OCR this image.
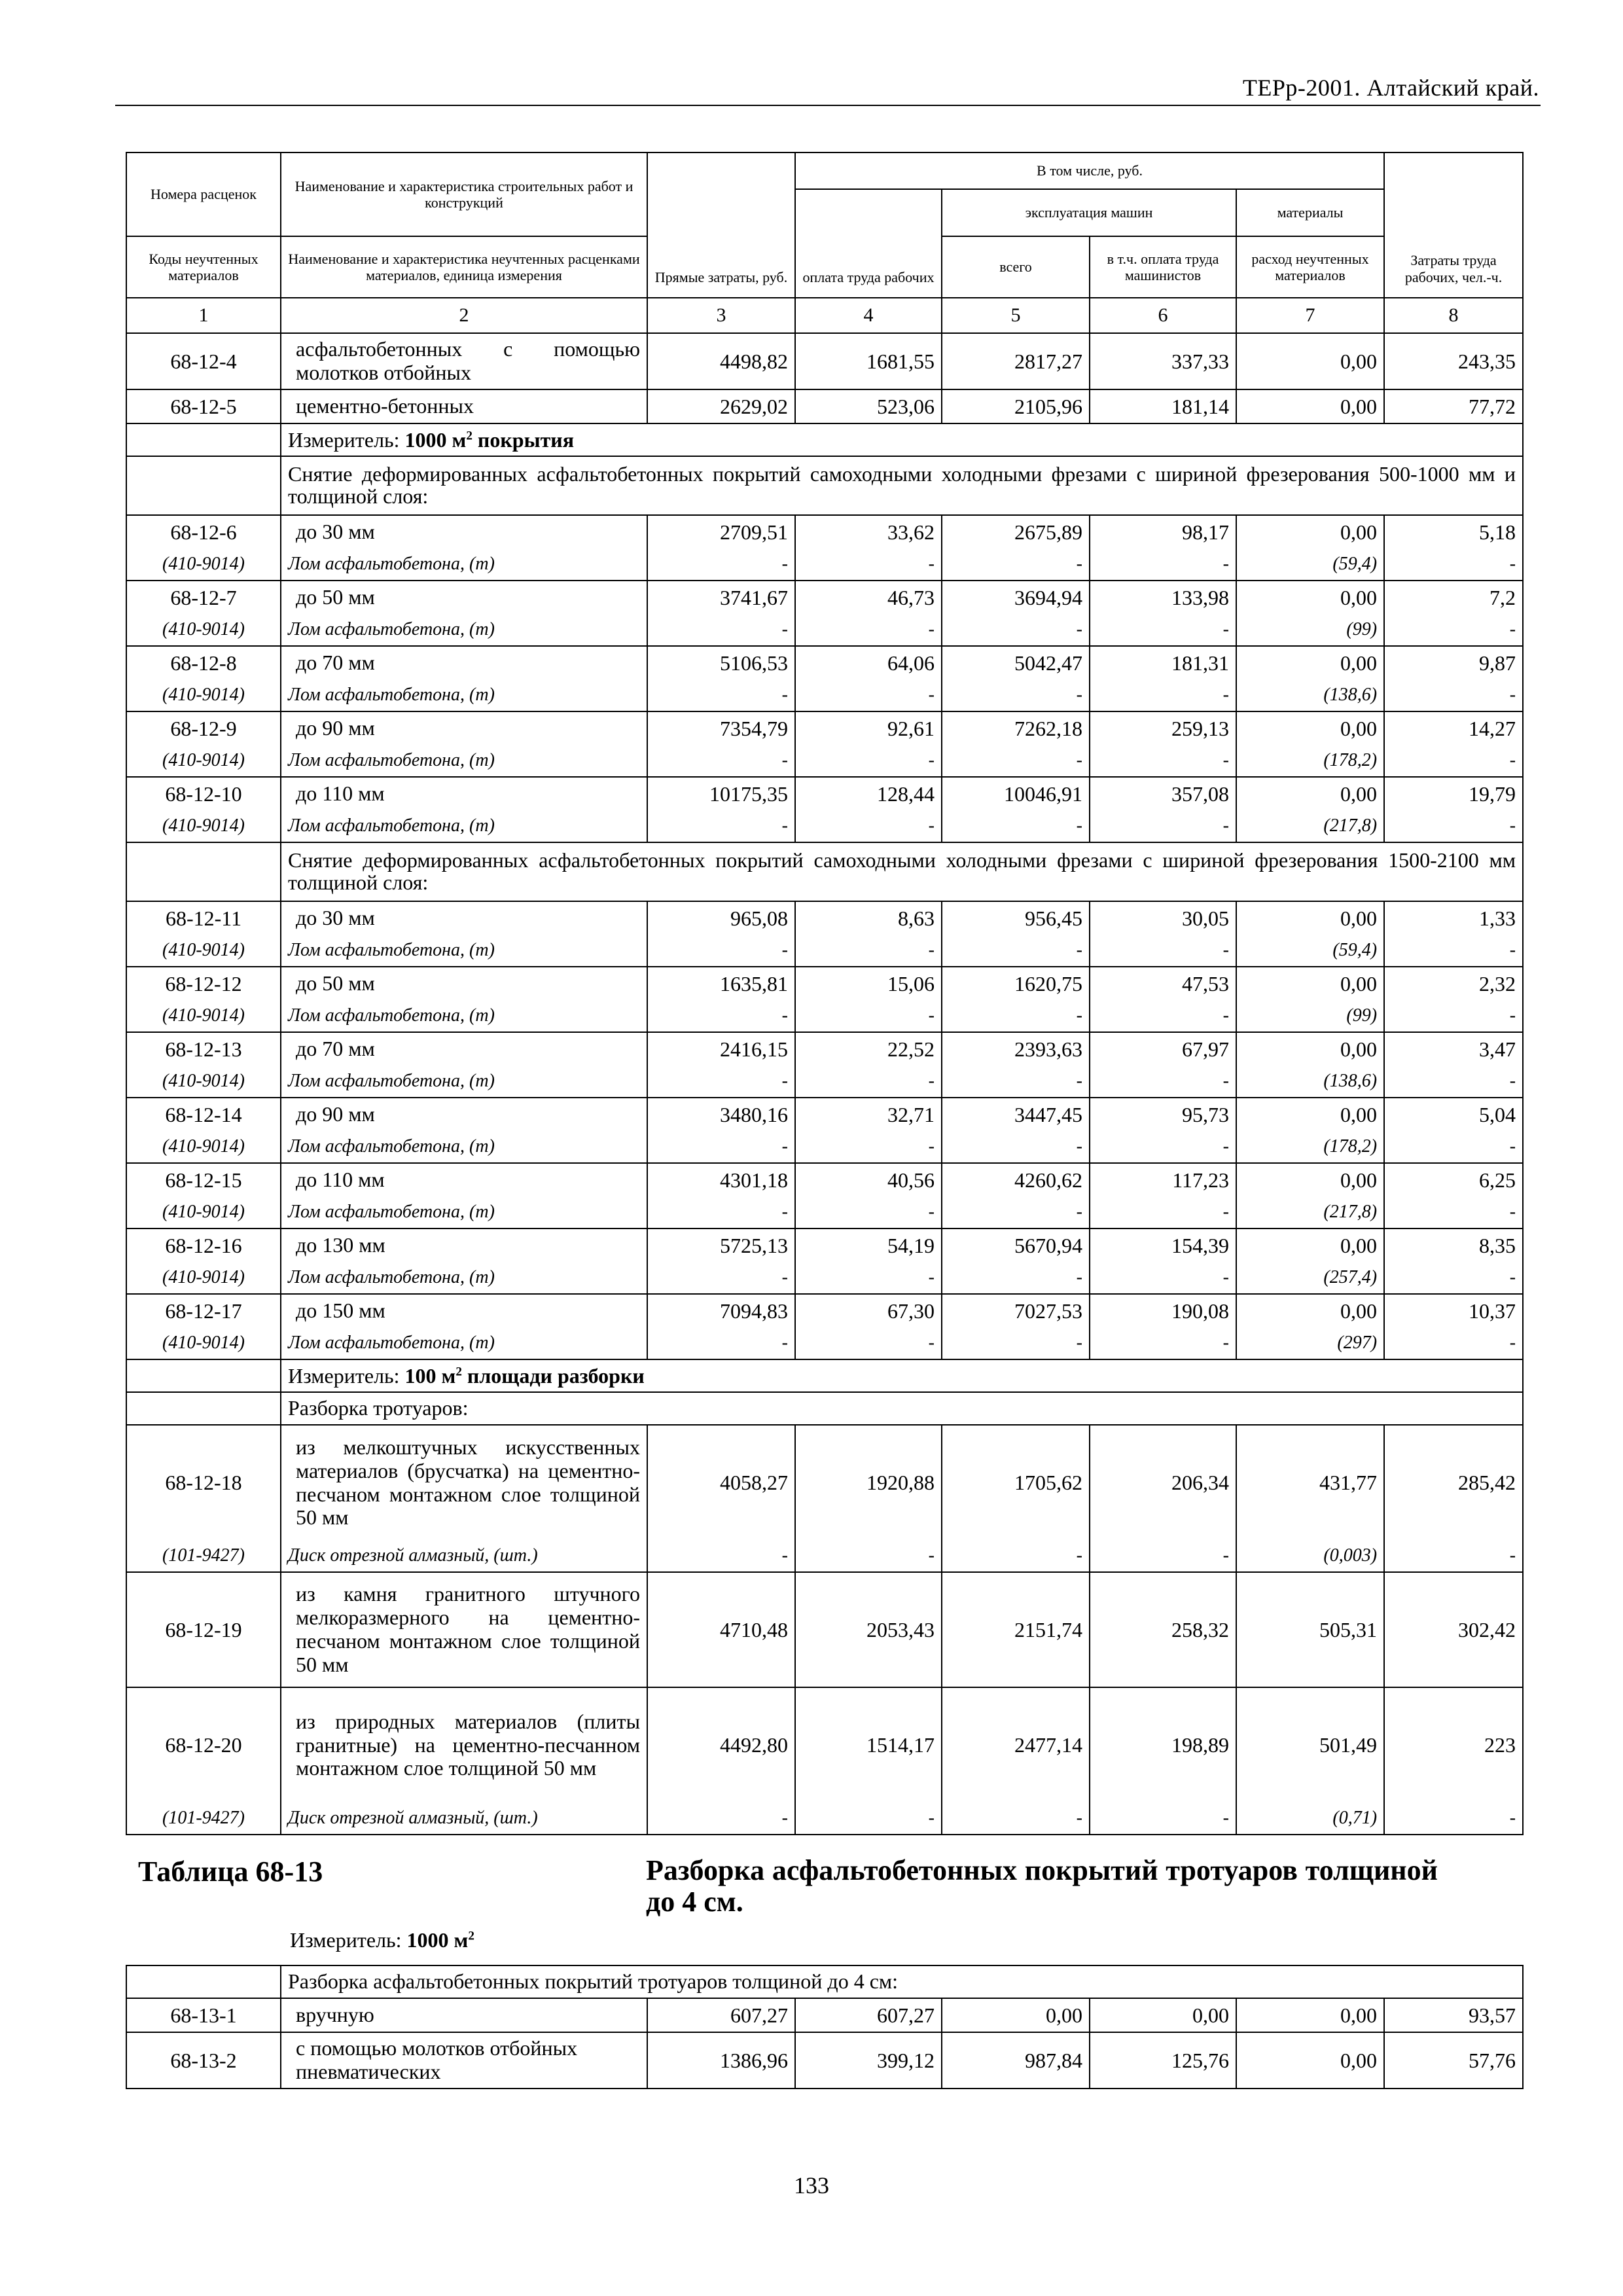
ТЕРр-2001. Алтайский край.
Номера расценок	Наименование и характеристика строительных работ и конструкций	Прямые затраты, руб.	В том числе, руб.				Затраты труда рабочих, чел.-ч.
			оплата труда рабочих	эксплуатация машин		материалы	
Коды неучтенных материалов	Наименование и характеристика неучтенных расценками материалов, единица измерения			всего	в т.ч. оплата труда машинистов	расход неучтенных материалов	
1	2	3	4	5	6	7	8
68-12-4	асфальтобетонных с помощью молотков отбойных	4498,82	1681,55	2817,27	337,33	0,00	243,35
68-12-5	цементно-бетонных	2629,02	523,06	2105,96	181,14	0,00	77,72
	Измеритель: 1000 $м^2$ покрытия						
	Снятие деформированных асфальтобетонных покрытий самоходными холодными фрезами с шириной фрезерования 500-1000 мм и толщиной слоя:						
68-12-6	до 30 мм	2709,51	33,62	2675,89	98,17	0,00	5,18
(410-9014)	Лом асфальтобетона, (т)	-	-	-	-	(59,4)	-
68-12-7	до 50 мм	3741,67	46,73	3694,94	133,98	0,00	7,2
(410-9014)	Лом асфальтобетона, (т)	-	-	-	-	(99)	-
68-12-8	до 70 мм	5106,53	64,06	5042,47	181,31	0,00	9,87
(410-9014)	Лом асфальтобетона, (т)	-	-	-	-	(138,6)	-
68-12-9	до 90 мм	7354,79	92,61	7262,18	259,13	0,00	14,27
(410-9014)	Лом асфальтобетона, (т)	-	-	-	-	(178,2)	-
68-12-10	до 110 мм	10175,35	128,44	10046,91	357,08	0,00	19,79
(410-9014)	Лом асфальтобетона, (т)	-	-	-	-	(217,8)	-
	Снятие деформированных асфальтобетонных покрытий самоходными холодными фрезами с шириной фрезерования 1500-2100 мм толщиной слоя:						
68-12-11	до 30 мм	965,08	8,63	956,45	30,05	0,00	1,33
(410-9014)	Лом асфальтобетона, (т)	-	-	-	-	(59,4)	-
68-12-12	до 50 мм	1635,81	15,06	1620,75	47,53	0,00	2,32
(410-9014)	Лом асфальтобетона, (т)	-	-	-	-	(99)	-
68-12-13	до 70 мм	2416,15	22,52	2393,63	67,97	0,00	3,47
(410-9014)	Лом асфальтобетона, (т)	-	-	-	-	(138,6)	-
68-12-14	до 90 мм	3480,16	32,71	3447,45	95,73	0,00	5,04
(410-9014)	Лом асфальтобетона, (т)	-	-	-	-	(178,2)	-
68-12-15	до 110 мм	4301,18	40,56	4260,62	117,23	0,00	6,25
(410-9014)	Лом асфальтобетона, (т)	-	-	-	-	(217,8)	-
68-12-16	до 130 мм	5725,13	54,19	5670,94	154,39	0,00	8,35
(410-9014)	Лом асфальтобетона, (т)	-	-	-	-	(257,4)	-
68-12-17	до 150 мм	7094,83	67,30	7027,53	190,08	0,00	10,37
(410-9014)	Лом асфальтобетона, (т)	-	-	-	-	(297)	-
	Измеритель: 100 $м^2$ площади разборки						
	Разборка тротуаров:						
68-12-18	из мелкоштучных искусственных материалов (брусчатка) на цементно-песчаном монтажном слое толщиной 50 мм	4058,27	1920,88	1705,62	206,34	431,77	285,42
(101-9427)	Диск отрезной алмазный, (шт.)	-	-	-	-	(0,003)	-
68-12-19	из камня гранитного штучного мелкоразмерного на цементно-песчаном монтажном слое толщиной 50 мм	4710,48	2053,43	2151,74	258,32	505,31	302,42
68-12-20	из природных материалов (плиты гранитные) на цементно-песчанном монтажном слое толщиной 50 мм	4492,80	1514,17	2477,14	198,89	501,49	223
(101-9427)	Диск отрезной алмазный, (шт.)	-	-	-	-	(0,71)	-

Таблица 68-13 Разборка асфальтобетонных покрытий тротуаров толщиной до 4 см.
Измеритель: 1000 $м^2$

	Разборка асфальтобетонных покрытий тротуаров толщиной до 4 см:						
68-13-1	вручную	607,27	607,27	0,00	0,00	0,00	93,57
68-13-2	с помощью молотков отбойных пневматических	1386,96	399,12	987,84	125,76	0,00	57,76
133
